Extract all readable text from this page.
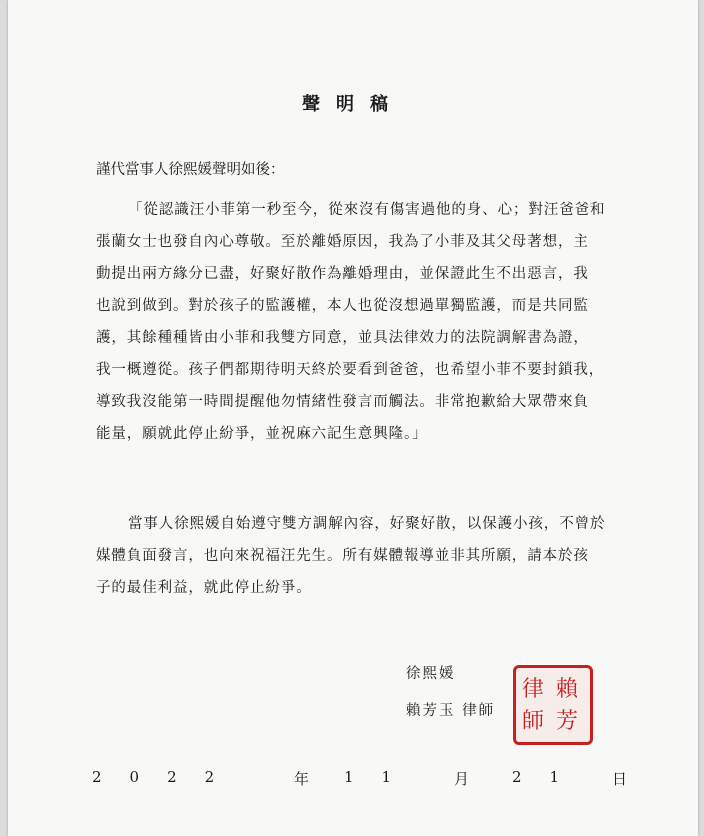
聲明稿
謹代當事人徐熙媛聲明如後：
「從認識汪小菲第一秒至今，從來沒有傷害過他的身、心；對汪爸爸和
張蘭女士也發自內心尊敬。至於離婚原因，我為了小菲及其父母著想，主
動提出兩方緣分已盡，好聚好散作為離婚理由，並保證此生不出惡言，我
也說到做到。對於孩子的監護權，本人也從沒想過單獨監護，而是共同監
護，其餘種種皆由小菲和我雙方同意，並具法律效力的法院調解書為證，
我一概遵從。孩子們都期待明天終於要看到爸爸，也希望小菲不要封鎖我，
導致我沒能第一時間提醒他勿情緒性發言而觸法。非常抱歉給大眾帶來負
能量，願就此停止紛爭，並祝麻六記生意興隆。」
當事人徐熙媛自始遵守雙方調解內容，好聚好散，以保護小孩，不曾於
媒體負面發言，也向來祝福汪先生。所有媒體報導並非其所願，請本於孩
子的最佳利益，就此停止紛爭。
徐熙媛
賴芳玉 律師
賴
芳
律
師
2022	年 11 月	21 日
